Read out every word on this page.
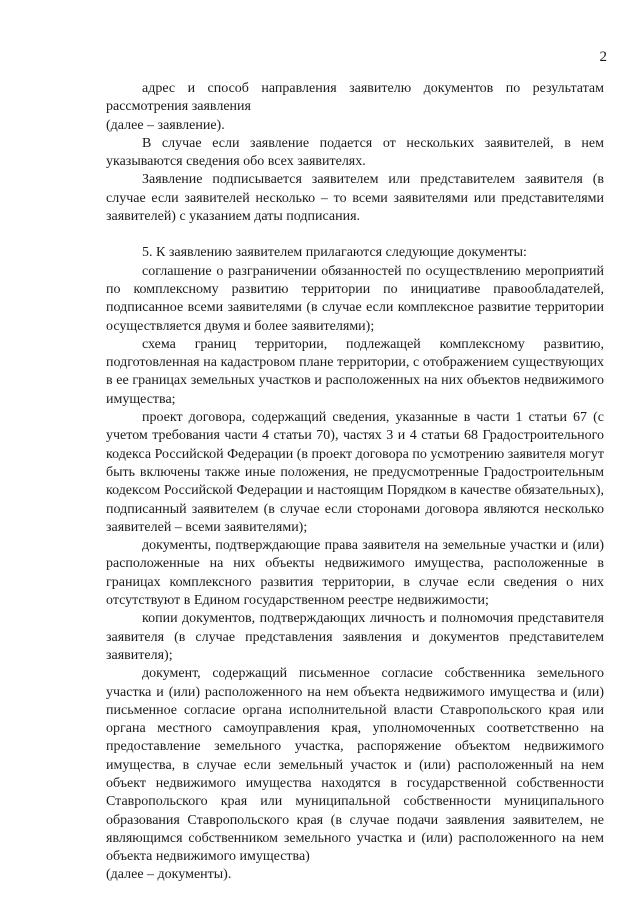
2

адрес и способ направления заявителю документов по результатам рассмотрения заявления

(далее – заявление).

В случае если заявление подается от нескольких заявителей, в нем указываются сведения обо всех заявителях.

Заявление подписывается заявителем или представителем заявителя (в случае если заявителей несколько – то всеми заявителями или представителями заявителей) с указанием даты подписания.

5. К заявлению заявителем прилагаются следующие документы:

соглашение о разграничении обязанностей по осуществлению мероприятий по комплексному развитию территории по инициативе правообладателей, подписанное всеми заявителями (в случае если комплексное развитие территории осуществляется двумя и более заявителями);

схема границ территории, подлежащей комплексному развитию, подготовленная на кадастровом плане территории, с отображением существующих в ее границах земельных участков и расположенных на них объектов недвижимого имущества;

проект договора, содержащий сведения, указанные в части 1 статьи 67 (с учетом требования части 4 статьи 70), частях 3 и 4 статьи 68 Градостроительного кодекса Российской Федерации (в проект договора по усмотрению заявителя могут быть включены также иные положения, не предусмотренные Градостроительным кодексом Российской Федерации и настоящим Порядком в качестве обязательных), подписанный заявителем (в случае если сторонами договора являются несколько заявителей – всеми заявителями);

документы, подтверждающие права заявителя на земельные участки и (или) расположенные на них объекты недвижимого имущества, расположенные в границах комплексного развития территории, в случае если сведения о них отсутствуют в Едином государственном реестре недвижимости;

копии документов, подтверждающих личность и полномочия представителя заявителя (в случае представления заявления и документов представителем заявителя);

документ, содержащий письменное согласие собственника земельного участка и (или) расположенного на нем объекта недвижимого имущества и (или) письменное согласие органа исполнительной власти Ставропольского края или органа местного самоуправления края, уполномоченных соответственно на предоставление земельного участка, распоряжение объектом недвижимого имущества, в случае если земельный участок и (или) расположенный на нем объект недвижимого имущества находятся в государственной собственности Ставропольского края или муниципальной собственности муниципального образования Ставропольского края (в случае подачи заявления заявителем, не являющимся собственником земельного участка и (или) расположенного на нем объекта недвижимого имущества)

(далее – документы).
